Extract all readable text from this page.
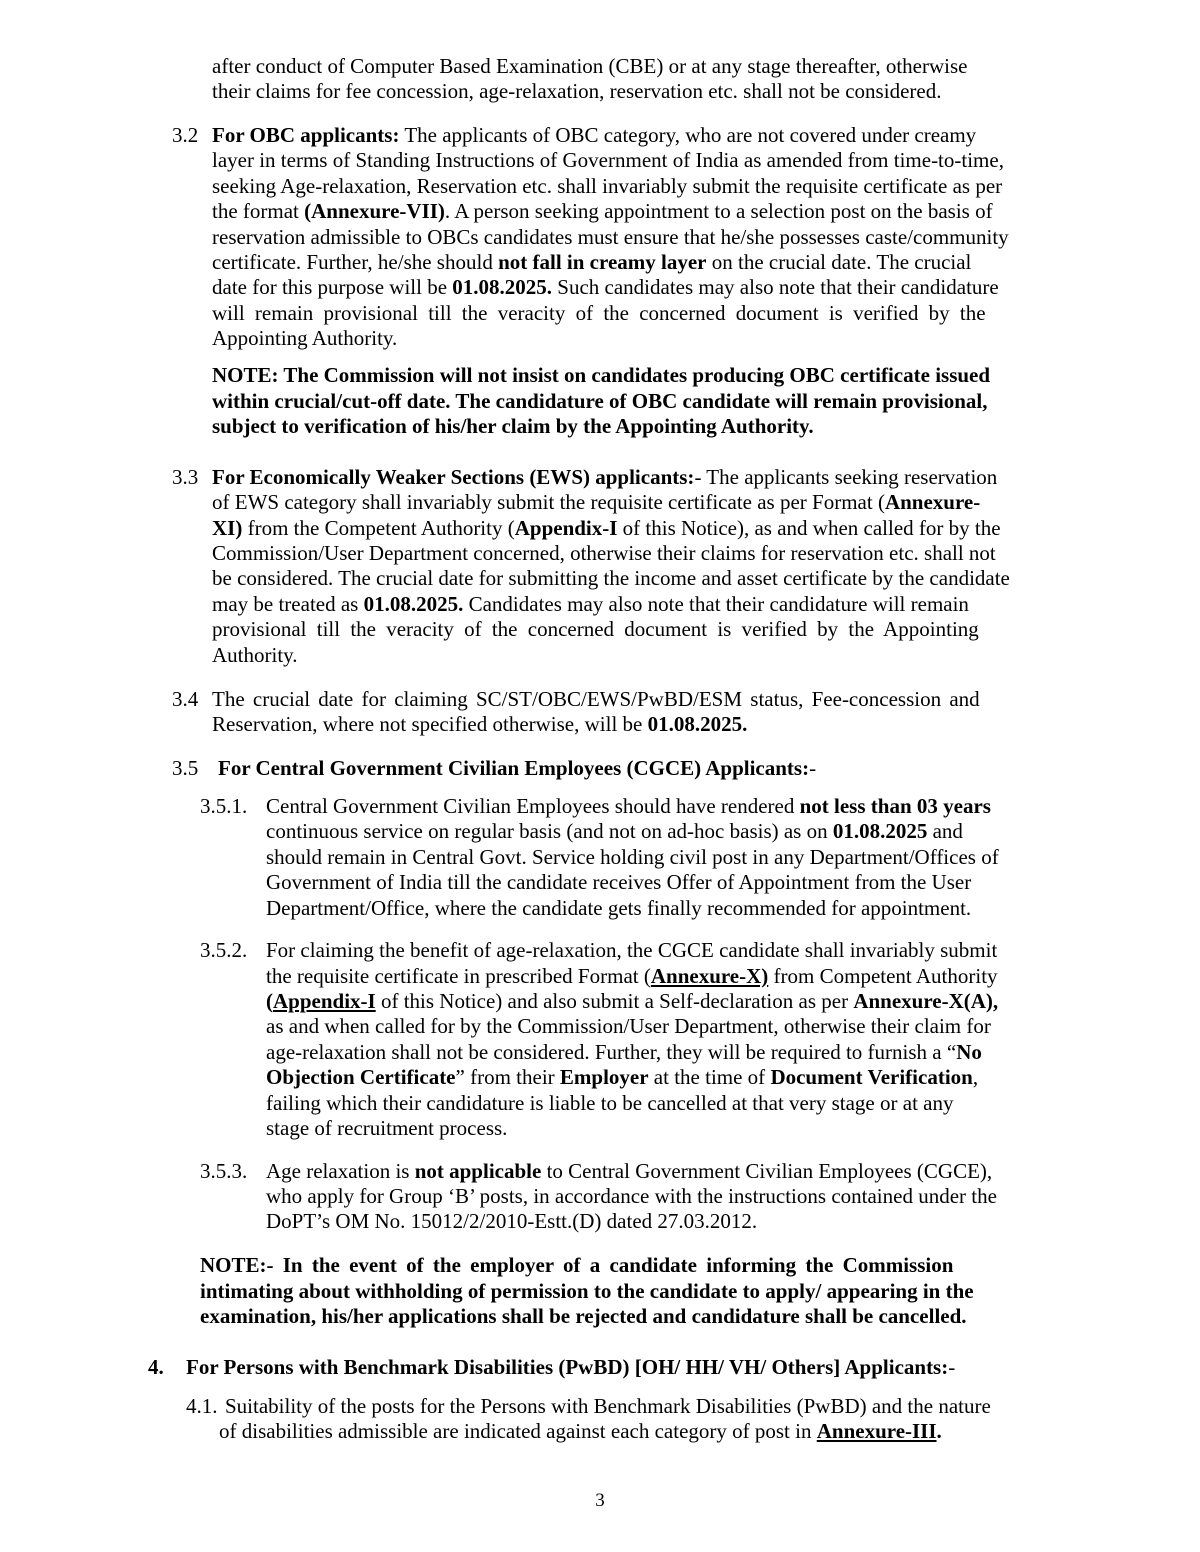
after conduct of Computer Based Examination (CBE) or at any stage thereafter, otherwise
their claims for fee concession, age-relaxation, reservation etc. shall not be considered.
3.2 For OBC applicants: The applicants of OBC category, who are not covered under creamy
layer in terms of Standing Instructions of Government of India as amended from time-to-time,
seeking Age-relaxation, Reservation etc. shall invariably submit the requisite certificate as per
the format (Annexure-VII). A person seeking appointment to a selection post on the basis of
reservation admissible to OBCs candidates must ensure that he/she possesses caste/community
certificate. Further, he/she should not fall in creamy layer on the crucial date. The crucial
date for this purpose will be 01.08.2025. Such candidates may also note that their candidature
will remain provisional till the veracity of the concerned document is verified by the
Appointing Authority.
NOTE: The Commission will not insist on candidates producing OBC certificate issued
within crucial/cut-off date. The candidature of OBC candidate will remain provisional,
subject to verification of his/her claim by the Appointing Authority.
3.3 For Economically Weaker Sections (EWS) applicants:- The applicants seeking reservation
of EWS category shall invariably submit the requisite certificate as per Format (Annexure-
XI) from the Competent Authority (Appendix-I of this Notice), as and when called for by the
Commission/User Department concerned, otherwise their claims for reservation etc. shall not
be considered. The crucial date for submitting the income and asset certificate by the candidate
may be treated as 01.08.2025. Candidates may also note that their candidature will remain
provisional till the veracity of the concerned document is verified by the Appointing
Authority.
3.4 The crucial date for claiming SC/ST/OBC/EWS/PwBD/ESM status, Fee-concession and
Reservation, where not specified otherwise, will be 01.08.2025.
3.5 For Central Government Civilian Employees (CGCE) Applicants:-
3.5.1. Central Government Civilian Employees should have rendered not less than 03 years
continuous service on regular basis (and not on ad-hoc basis) as on 01.08.2025 and
should remain in Central Govt. Service holding civil post in any Department/Offices of
Government of India till the candidate receives Offer of Appointment from the User
Department/Office, where the candidate gets finally recommended for appointment.
3.5.2. For claiming the benefit of age-relaxation, the CGCE candidate shall invariably submit
the requisite certificate in prescribed Format (Annexure-X) from Competent Authority
(Appendix-I of this Notice) and also submit a Self-declaration as per Annexure-X(A),
as and when called for by the Commission/User Department, otherwise their claim for
age-relaxation shall not be considered. Further, they will be required to furnish a “No
Objection Certificate” from their Employer at the time of Document Verification,
failing which their candidature is liable to be cancelled at that very stage or at any
stage of recruitment process.
3.5.3. Age relaxation is not applicable to Central Government Civilian Employees (CGCE),
who apply for Group ‘B’ posts, in accordance with the instructions contained under the
DoPT’s OM No. 15012/2/2010-Estt.(D) dated 27.03.2012.
NOTE:- In the event of the employer of a candidate informing the Commission
intimating about withholding of permission to the candidate to apply/ appearing in the
examination, his/her applications shall be rejected and candidature shall be cancelled.
4. For Persons with Benchmark Disabilities (PwBD) [OH/ HH/ VH/ Others] Applicants:-
4.1. Suitability of the posts for the Persons with Benchmark Disabilities (PwBD) and the nature
of disabilities admissible are indicated against each category of post in Annexure-III.
3
